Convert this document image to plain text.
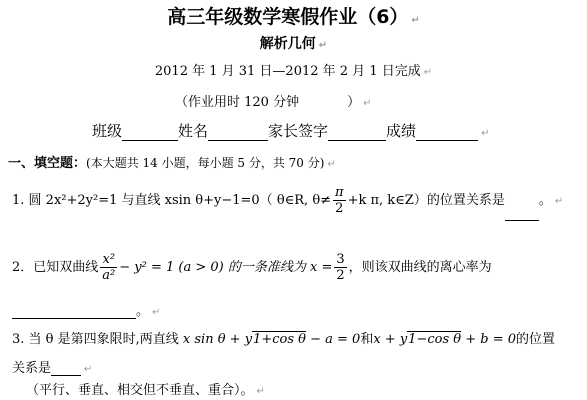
高三年级数学寒假作业（6） ↵
解析几何 ↵
2012 年 1 月 31 日—2012 年 2 月 1 日完成 ↵
（作业用时 120 分钟	） ↵
班级	姓名	家长签字	成绩	↵
一、填空题：(本大题共 14 小题，每小题 5 分，共 70 分) ↵
1. 圆 2x²+2y²=1 与直线 xsin θ+y−1=0（ θ∈R, $\theta\ne \frac{\pi}{2} +k$ π, k∈Z）的位置关系是	。 ↵
2．已知双曲线 $\frac{\text{x²}}{\text{a²}} - y^2 = 1$ (a > 0) 的一条准线为 $x = \frac{3}{2}$ ，则该双曲线的离心率为
。 ↵
3. 当 θ 是第四象限时,两直线 x sin θ + y1+cos θ − a = 0和x + y1−cos θ + b = 0的位置
关系是	↵
（平行、垂直、相交但不垂直、重合）。 ↵
